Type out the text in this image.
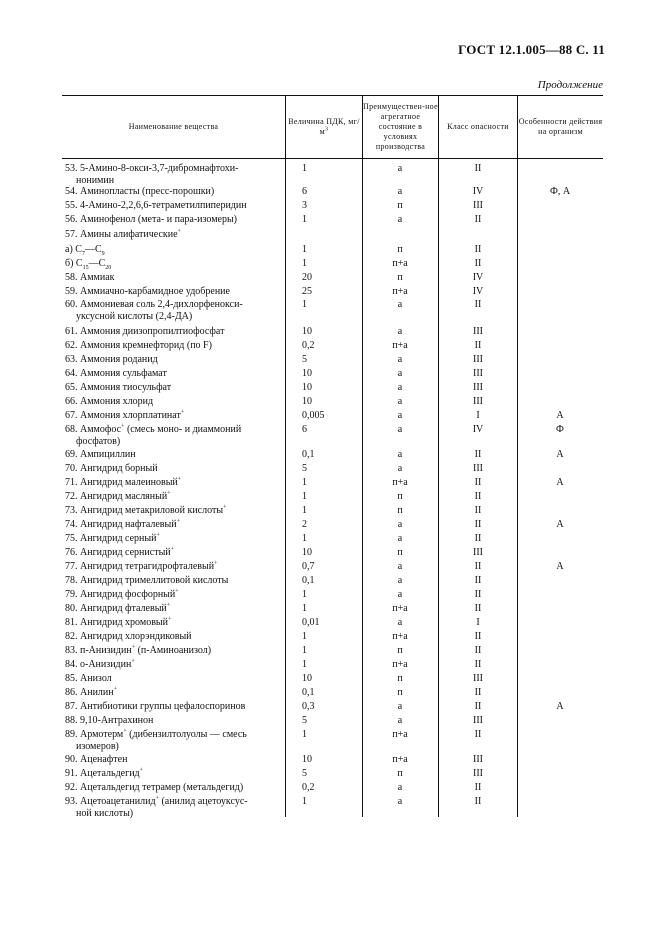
ГОСТ 12.1.005—88 С. 11
Продолжение
Наименование вещества
Величина ПДК, $мг/м^3$
Преимуществен-ное агрегатное состояние в условиях производства
Класс опасности
Особенности действия на организм
53. 5-Амино-8-окси-3,7-дибромнафтохи-
нонимин
1	а	II
54. Аминопласты (пресс-порошки)	6	а	IV	Ф, А
55. 4-Амино-2,2,6,6-тетраметилпиперидин	3	п	III
56. Аминофенол (мета- и пара-изомеры)	1	а	II
57. Амины алифатические+
а) $C_7—C_9$	1	п	II
б) $C_{15}—C_{20}$	1	п+а	II
58. Аммиак	20	п	IV
59. Аммиачно-карбамидное удобрение	25	п+а	IV
60. Аммониевая соль 2,4-дихлорфенокси-
уксусной кислоты (2,4-ДА)
1	а	II
61. Аммония диизопропилтиофосфат	10	а	III
62. Аммония кремнефторид (по F)	0,2	п+а	II
63. Аммония роданид	5	а	III
64. Аммония сульфамат	10	а	III
65. Аммония тиосульфат	10	а	III
66. Аммония хлорид	10	а	III
67. Аммония хлорплатинат+	0,005	а	I	А
68. Аммофос+ (смесь моно- и диаммоний
фосфатов)
6	а	IV	Ф
69. Ампициллин	0,1	а	II	А
70. Ангидрид борный	5	а	III
71. Ангидрид малеиновый+	1	п+а	II	А
72. Ангидрид масляный+	1	п	II
73. Ангидрид метакриловой кислоты+	1	п	II
74. Ангидрид нафталевый+	2	а	II	А
75. Ангидрид серный+	1	а	II
76. Ангидрид сернистый+	10	п	III
77. Ангидрид тетрагидрофталевый+	0,7	а	II	А
78. Ангидрид тримеллитовой кислоты	0,1	а	II
79. Ангидрид фосфорный+	1	а	II
80. Ангидрид фталевый+	1	п+а	II
81. Ангидрид хромовый+	0,01	а	I
82. Ангидрид хлорэндиковый	1	п+а	II
83. п-Анизидин+ (п-Аминоанизол)	1	п	II
84. о-Анизидин+	1	п+а	II
85. Анизол	10	п	III
86. Анилин+	0,1	п	II
87. Антибиотики группы цефалоспоринов	0,3	а	II	А
88. 9,10-Антрахинон	5	а	III
89. Армотерм+ (дибензилтолуолы — смесь
изомеров)
1	п+а	II
90. Аценафтен	10	п+а	III
91. Ацетальдегид+	5	п	III
92. Ацетальдегид тетрамер (метальдегид)	0,2	а	II
93. Ацетоацетанилид+ (анилид ацетоуксус-
ной кислоты)
1	а	II
